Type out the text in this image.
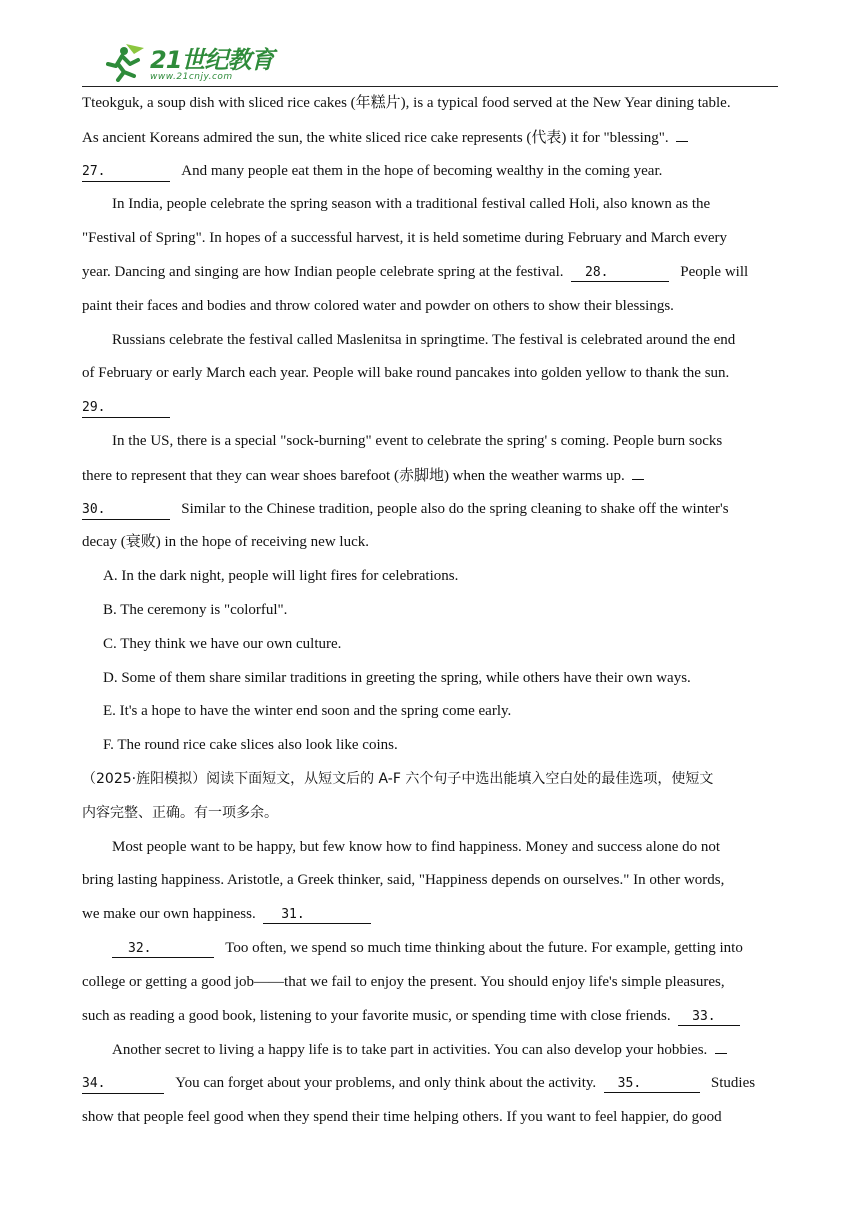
21世纪教育
www.21cnjy.com
Tteokguk, a soup dish with sliced rice cakes (年糕片), is a typical food served at the New Year dining table.
As ancient Koreans admired the sun, the white sliced rice cake represents (代表) it for "blessing".
27.	And many people eat them in the hope of becoming wealthy in the coming year.
In India, people celebrate the spring season with a traditional festival called Holi, also known as the
"Festival of Spring". In hopes of a successful harvest, it is held sometime during February and March every
year. Dancing and singing are how Indian people celebrate spring at the festival. 28.	People will
paint their faces and bodies and throw colored water and powder on others to show their blessings.
Russians celebrate the festival called Maslenitsa in springtime. The festival is celebrated around the end
of February or early March each year. People will bake round pancakes into golden yellow to thank the sun.
29.
In the US, there is a special "sock-burning" event to celebrate the spring' s coming. People burn socks
there to represent that they can wear shoes barefoot (赤脚地) when the weather warms up.
30.	Similar to the Chinese tradition, people also do the spring cleaning to shake off the winter's
decay (衰败) in the hope of receiving new luck.
A. In the dark night, people will light fires for celebrations.
B. The ceremony is "colorful".
C. They think we have our own culture.
D. Some of them share similar traditions in greeting the spring, while others have their own ways.
E. It's a hope to have the winter end soon and the spring come early.
F. The round rice cake slices also look like coins.
（2025·旌阳模拟）阅读下面短文，从短文后的 A-F 六个句子中选出能填入空白处的最佳选项，使短文
内容完整、正确。有一项多余。
Most people want to be happy, but few know how to find happiness. Money and success alone do not
bring lasting happiness. Aristotle, a Greek thinker, said, "Happiness depends on ourselves." In other words,
we make our own happiness. 31.
32.	Too often, we spend so much time thinking about the future. For example, getting into
college or getting a good job——that we fail to enjoy the present. You should enjoy life's simple pleasures,
such as reading a good book, listening to your favorite music, or spending time with close friends. 33.
Another secret to living a happy life is to take part in activities. You can also develop your hobbies.
34.	You can forget about your problems, and only think about the activity. 35.	Studies
show that people feel good when they spend their time helping others. If you want to feel happier, do good
